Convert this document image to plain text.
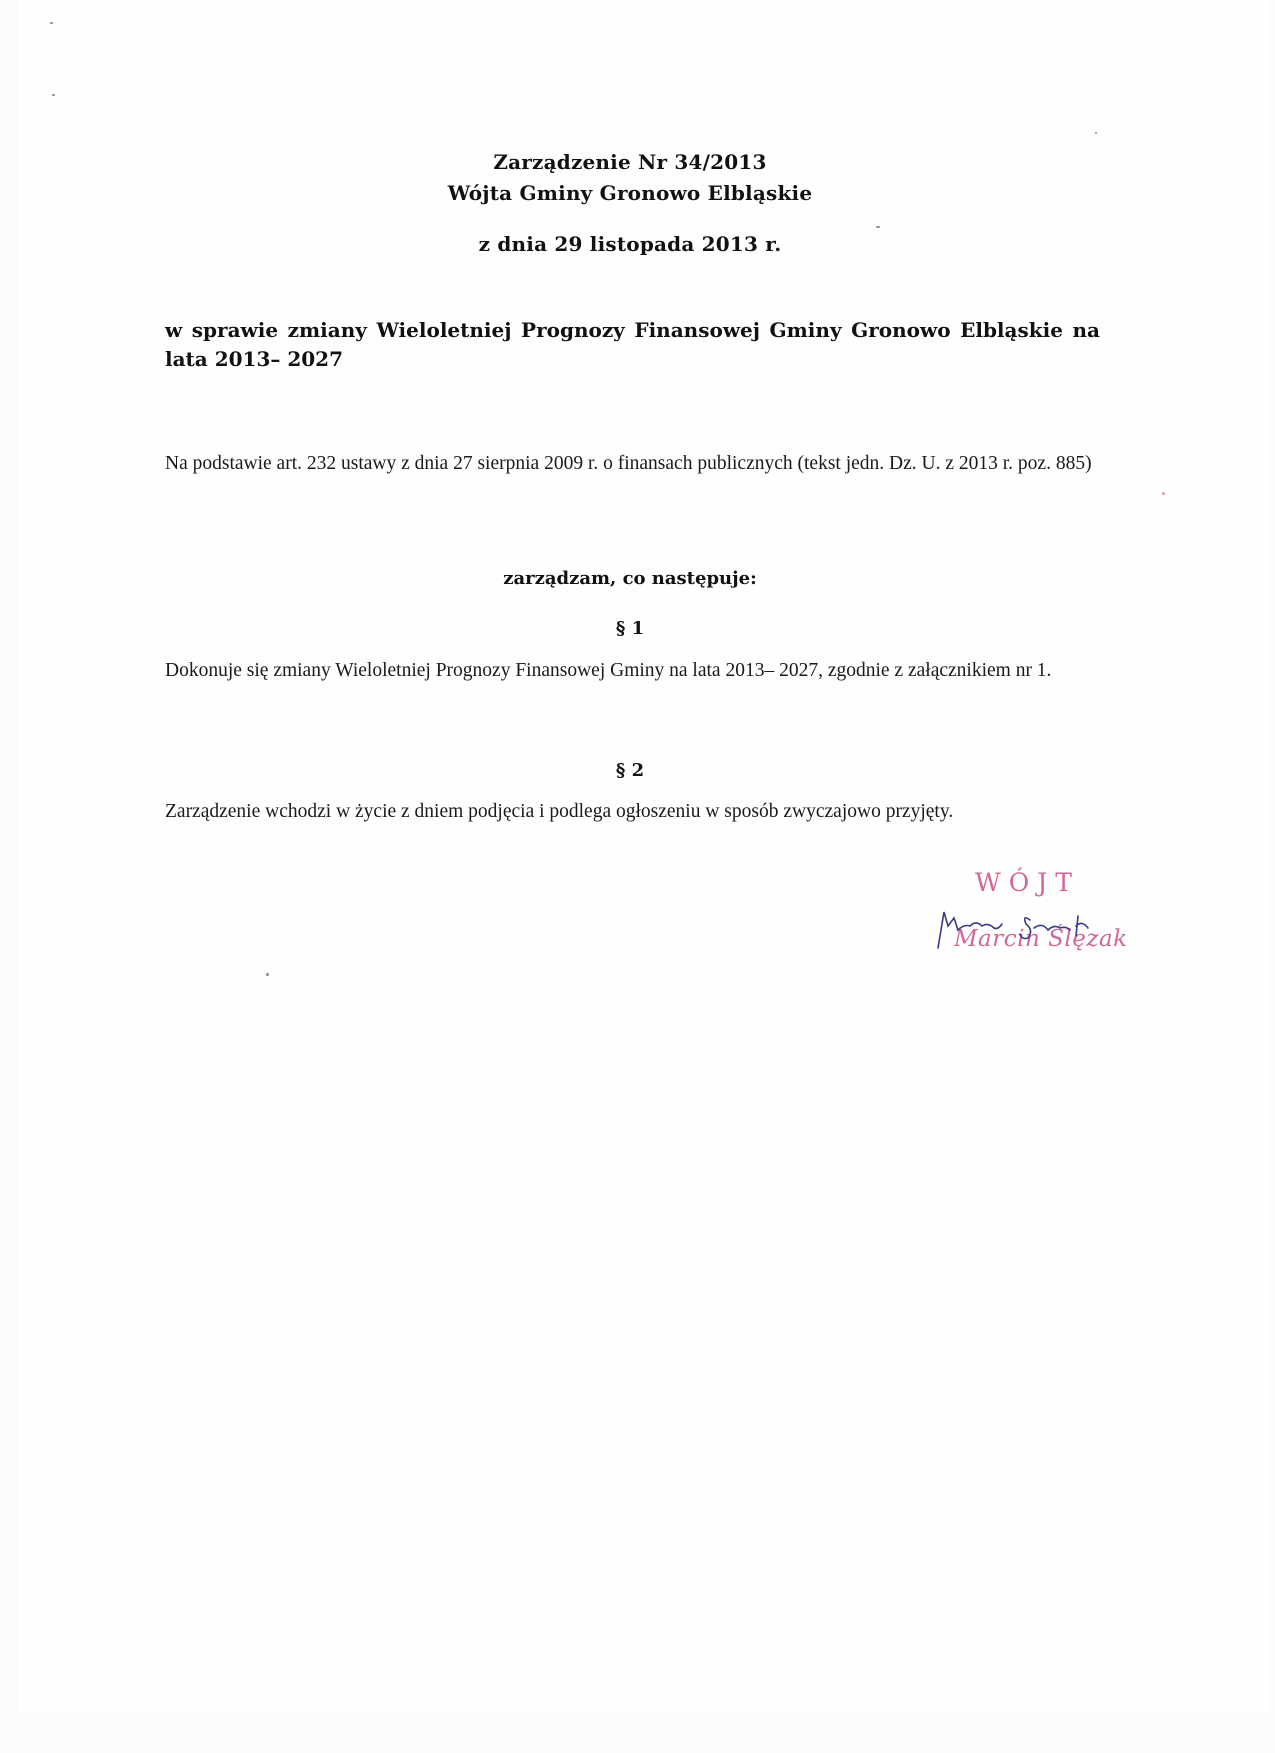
Zarządzenie Nr 34/2013
Wójta Gminy Gronowo Elbląskie
z dnia 29 listopada 2013 r.
w sprawie zmiany Wieloletniej Prognozy Finansowej Gminy Gronowo Elbląskie na lata 2013– 2027
Na podstawie art. 232 ustawy z dnia 27 sierpnia 2009 r. o finansach publicznych (tekst jedn. Dz. U. z 2013 r. poz. 885)
zarządzam, co następuje:
§ 1
Dokonuje się zmiany Wieloletniej Prognozy Finansowej Gminy na lata 2013– 2027, zgodnie z załącznikiem nr 1.
§ 2
Zarządzenie wchodzi w życie z dniem podjęcia i podlega ogłoszeniu w sposób zwyczajowo przyjęty.
WÓJT
Marcin Ślęzak
